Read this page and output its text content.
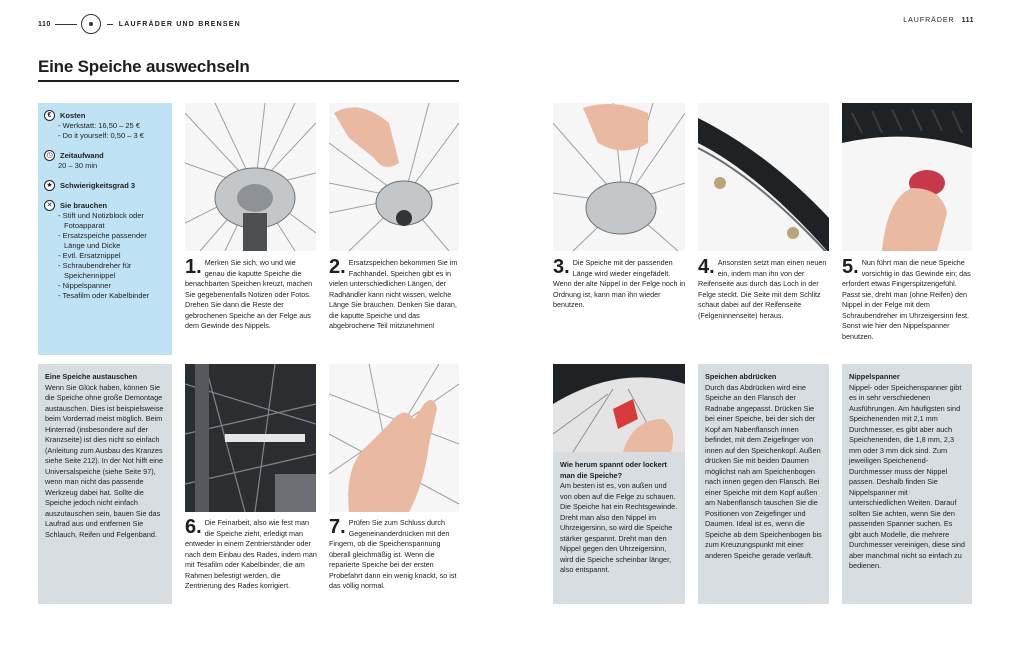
110	LAUFRÄDER UND BRENSEN	LAUFRÄDER 111
Eine Speiche auswechseln
€	Kosten
- Werkstatt: 16,50 – 25 €
- Do it yourself: 0,50 – 3 €
◷ Zeitaufwand
20 – 30 min
★ Schwierigkeitsgrad 3
✕	Sie brauchen
- Stift und Notizblock oder Fotoapparat
- Ersatzspeiche passender Länge und Dicke
- Evtl. Ersatznippel
- Schraubendreher für Speichennippel
- Nippelspanner
- Tesafilm oder Kabelbinder
1. Merken Sie sich, wo und wie genau die kaputte Speiche die benachbarten Speichen kreuzt, machen Sie gegebenenfalls Notizen oder Fotos. Drehen Sie dann die Reste der gebrochenen Speiche an der Felge aus dem Gewinde des Nippels.
2. Ersatzspeichen bekommen Sie im Fachhandel. Speichen gibt es in vielen unterschiedlichen Längen, der Radhändler kann nicht wissen, welche Länge Sie brauchen. Denken Sie daran, die kaputte Speiche und das abgebrochene Teil mitzunehmen!
3. Die Speiche mit der passenden Länge wird wieder eingefädelt. Wenn der alte Nippel in der Felge noch in Ordnung ist, kann man ihn wieder benutzen.
4. Ansonsten setzt man einen neuen ein, indem man ihn von der Reifenseite aus durch das Loch in der Felge steckt. Die Seite mit dem Schlitz schaut dabei auf der Reifenseite (Felgeninnenseite) heraus.
5. Nun führt man die neue Speiche vorsichtig in das Gewinde ein; das erfordert etwas Fingerspitzengefühl. Passt sie, dreht man (ohne Reifen) den Nippel in der Felge mit dem Schraubendreher im Uhrzeigersinn fest. Sonst wie hier den Nippelspanner benutzen.
Eine Speiche austauschen
Wenn Sie Glück haben, können Sie die Speiche ohne große Demontage austauschen. Dies ist beispielsweise beim Vorderrad meist möglich. Beim Hinterrad (insbesondere auf der Kranzseite) ist dies nicht so einfach (Anleitung zum Ausbau des Kranzes siehe Seite 212). In der Not hilft eine Universalspeiche (siehe Seite 97), wenn man nicht das passende Werkzeug dabei hat. Sollte die Speiche jedoch nicht einfach auszutauschen sein, bauen Sie das Laufrad aus und entfernen Sie Schlauch, Reifen und Felgenband.	6. Die Feinarbeit, also wie fest man die Speiche zieht, erledigt man entweder in einem Zentrierständer oder nach dem Einbau des Rades, indem man mit Tesafilm oder Kabelbinder, die am Rahmen befestigt werden, die Zentrierung des Rades korrigiert.
7. Prüfen Sie zum Schluss durch Gegeneinanderdrücken mit den Fingern, ob die Speichenspannung überall gleichmäßig ist. Wenn die reparierte Speiche bei der ersten Probefahrt dann ein wenig knackt, so ist das völlig normal.
Wie herum spannt oder lockert man die Speiche?
Am besten ist es, von außen und von oben auf die Felge zu schauen. Die Speiche hat ein Rechtsgewinde. Dreht man also den Nippel im Uhrzeigersinn, so wird die Speiche stärker gespannt. Dreht man den Nippel gegen den Uhrzeigersinn, wird die Speiche scheinbar länger, also entspannt.
Speichen abdrücken
Durch das Abdrücken wird eine Speiche an den Flansch der Radnabe angepasst. Drücken Sie bei einer Speiche, bei der sich der Kopf am Nabenflansch innen befindet, mit dem Zeigefinger von innen auf den Speichenkopf. Außen drücken Sie mit beiden Daumen möglichst nah am Speichenbogen nach innen gegen den Flansch. Bei einer Speiche mit dem Kopf außen am Nabenflansch tauschen Sie die Positionen von Zeigefinger und Daumen. Ideal ist es, wenn die Speiche ab dem Speichenbogen bis zum Kreuzungspunkt mit einer anderen Speiche gerade verläuft.
Nippelspanner
Nippel- oder Speichenspanner gibt es in sehr verschiedenen Ausführungen. Am häufigsten sind Speichenenden mit 2,1 mm Durchmesser, es gibt aber auch Speichenenden, die 1,8 mm, 2,3 mm oder 3 mm dick sind. Zum jeweiligen Speichenend-Durchmesser muss der Nippel passen. Deshalb finden Sie Nippelspanner mit unterschiedlichen Weiten. Darauf sollten Sie achten, wenn Sie den passenden Spanner suchen. Es gibt auch Modelle, die mehrere Durchmesser vereinigen, diese sind aber manchmal nicht so einfach zu bedienen.
